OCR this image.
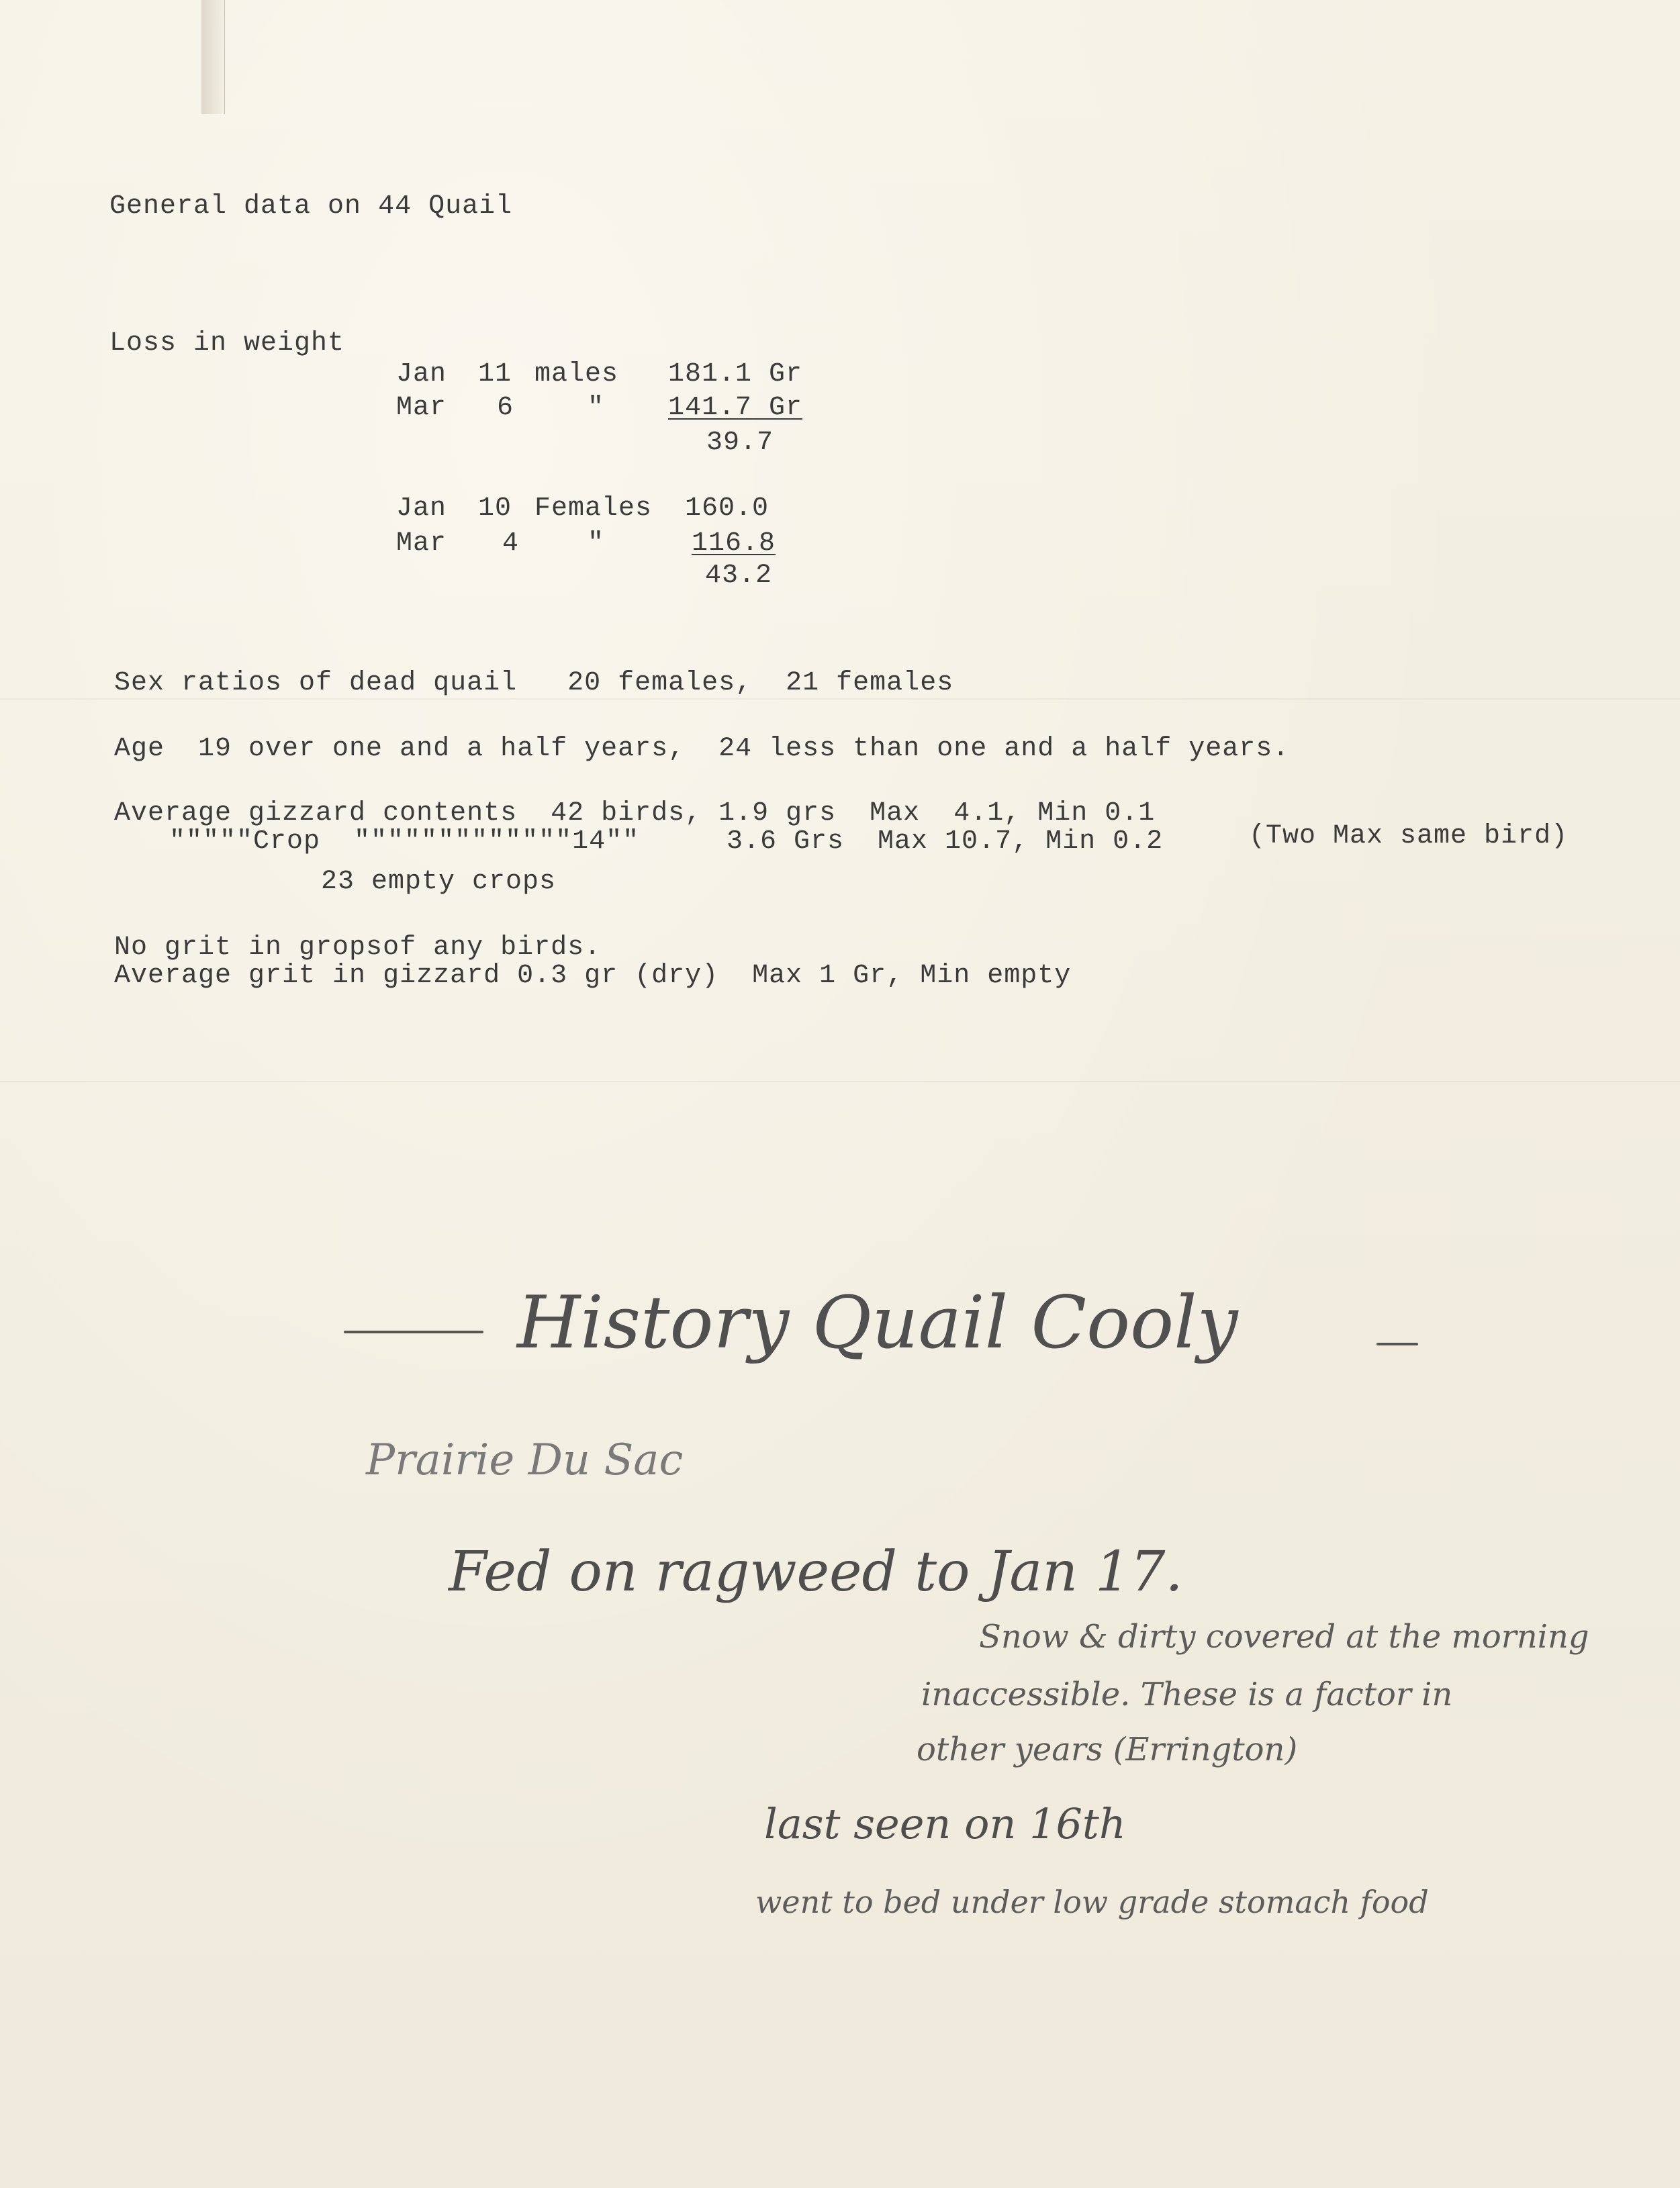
General data on 44 Quail
Loss in weight
Jan 11 males 181.1 Gr
Mar 6	" 141.7 Gr
39.7
Jan 10 Females 160.0
Mar 4	"	116.8
43.2
Sex ratios of dead quail   20 females,  21 females
Age  19 over one and a half years,  24 less than one and a half years.
Average gizzard contents  42 birds, 1.9 grs  Max  4.1, Min 0.1
"""""Crop  """""""""""""14""	3.6 Grs  Max 10.7, Min 0.2	(Two Max same bird)
23 empty crops
No grit in gropsof any birds.
Average grit in gizzard 0.3 gr (dry)  Max 1 Gr, Min empty
History Quail Cooly
Prairie Du Sac
Fed on ragweed to Jan 17.
Snow & dirty covered at the morning
inaccessible. These is a factor in
other years (Errington)
last seen on 16th
went to bed under low grade stomach food
